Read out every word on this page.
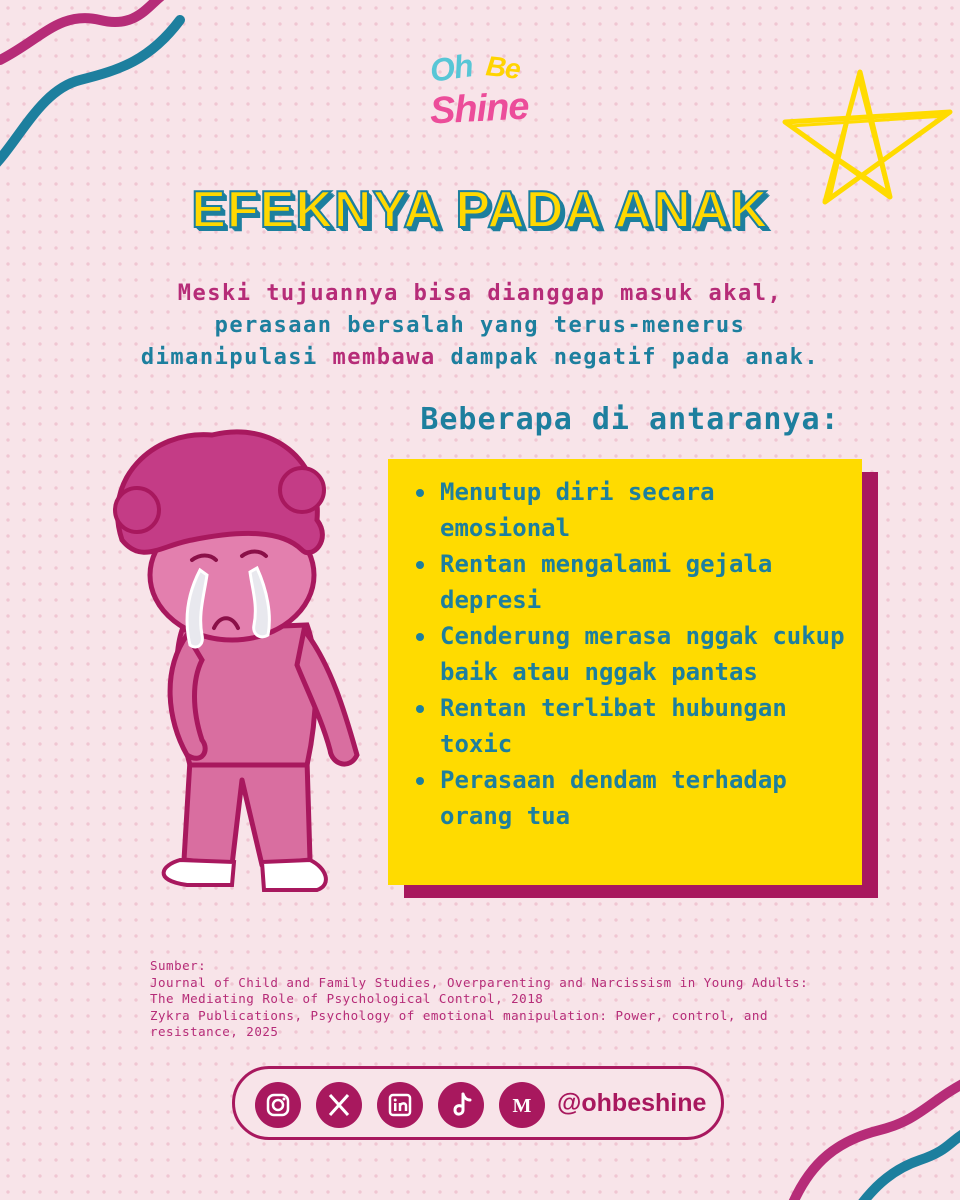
Oh Be
Shine
EFEKNYA PADA ANAK
Meski tujuannya bisa dianggap masuk akal,
perasaan bersalah yang terus-menerus
dimanipulasi membawa dampak negatif pada anak.
Beberapa di antaranya:
Menutup diri secara emosional
Rentan mengalami gejala depresi
Cenderung merasa nggak cukup baik atau nggak pantas
Rentan terlibat hubungan toxic
Perasaan dendam terhadap orang tua
Sumber:
Journal of Child and Family Studies, Overparenting and Narcissism in Young Adults: The Mediating Role of Psychological Control, 2018
Zykra Publications, Psychology of emotional manipulation: Power, control, and resistance, 2025
M @ohbeshine
